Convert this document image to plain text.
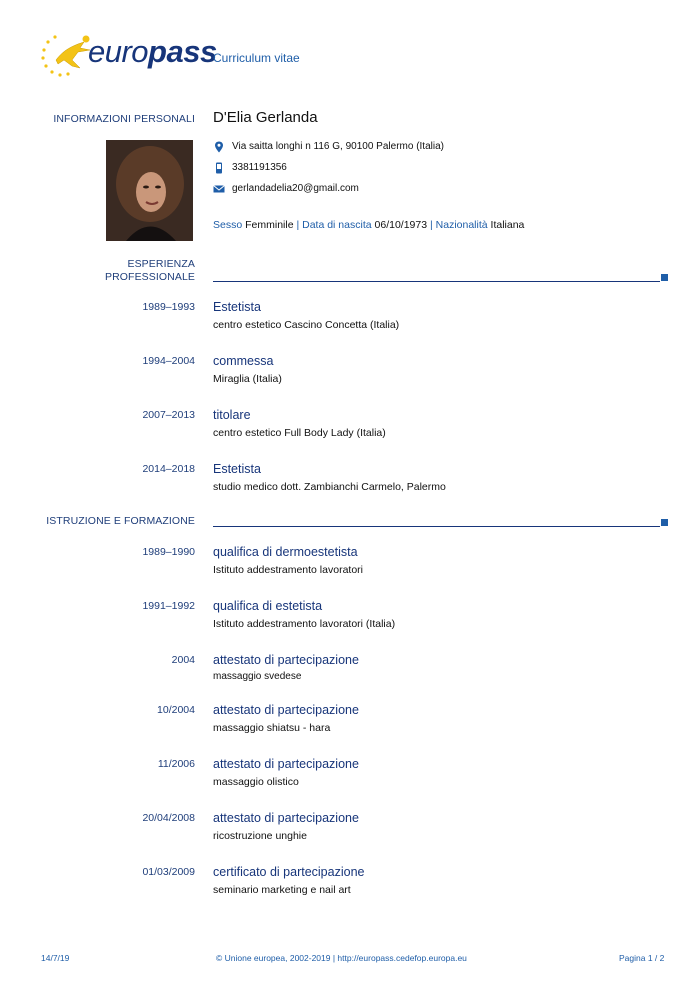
europass
Curriculum vitae
INFORMAZIONI PERSONALI D'Elia Gerlanda
Via saitta longhi n 116 G, 90100 Palermo (Italia)
3381191356
gerlandadelia20@gmail.com
Sesso Femminile | Data di nascita 06/10/1973 | Nazionalità Italiana
ESPERIENZA
PROFESSIONALE
1989–1993 Estetista
centro estetico Cascino Concetta (Italia)
1994–2004 commessa
Miraglia (Italia)
2007–2013 titolare
centro estetico Full Body Lady (Italia)
2014–2018 Estetista
studio medico dott. Zambianchi Carmelo, Palermo
ISTRUZIONE E FORMAZIONE
1989–1990 qualifica di dermoestetista
Istituto addestramento lavoratori
1991–1992 qualifica di estetista
Istituto addestramento lavoratori (Italia)
2004 attestato di partecipazione
massaggio svedese
10/2004 attestato di partecipazione
massaggio shiatsu - hara
11/2006 attestato di partecipazione
massaggio olistico
20/04/2008 attestato di partecipazione
ricostruzione unghie
01/03/2009 certificato di partecipazione
seminario marketing e nail art
14/7/19	© Unione europea, 2002-2019 | http://europass.cedefop.europa.eu	Pagina 1 / 2
